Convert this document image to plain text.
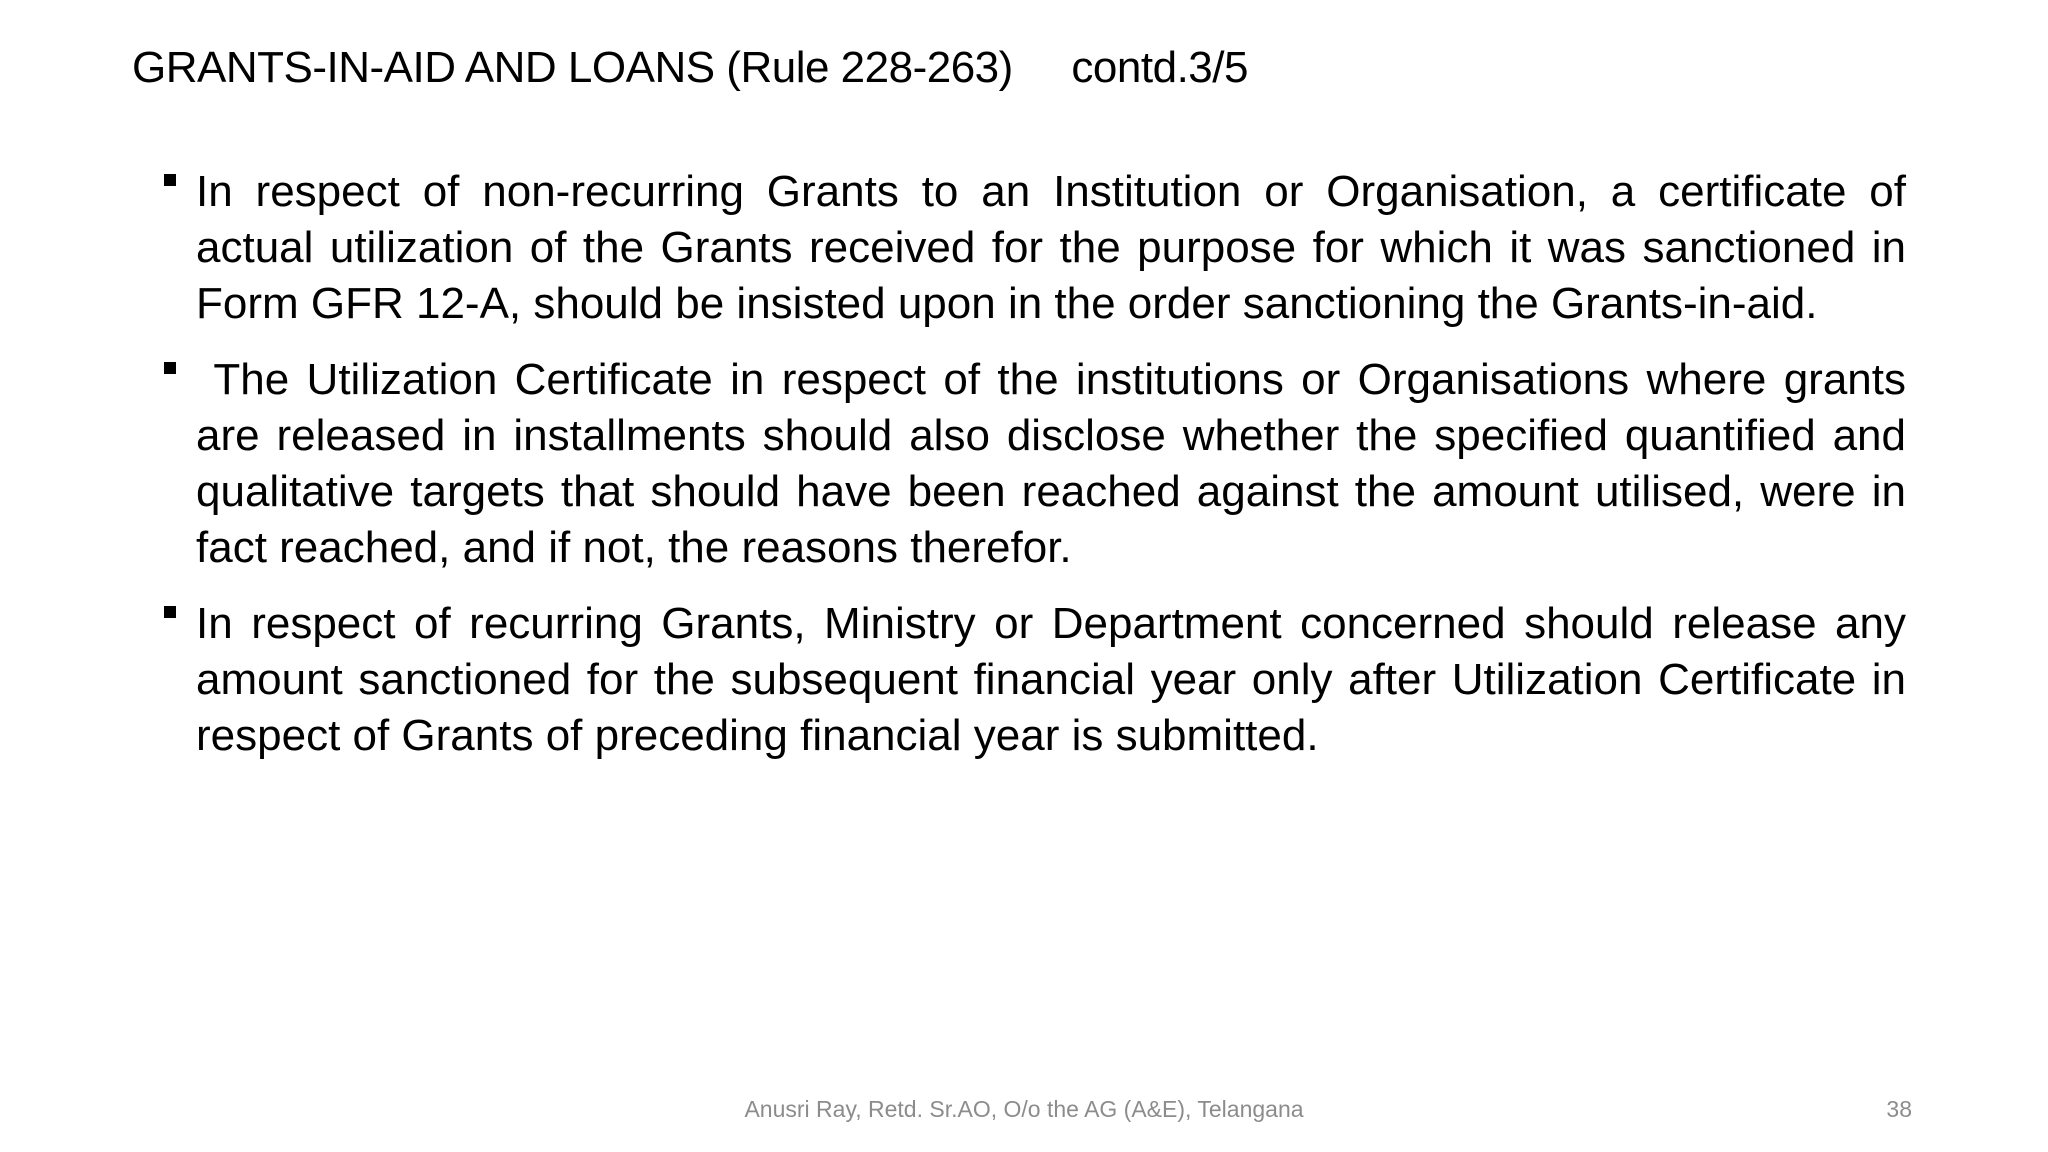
GRANTS-IN-AID AND LOANS (Rule 228-263)     contd.3/5
In respect of non-recurring Grants to an Institution or Organisation, a certificate of actual utilization of the Grants received for the purpose for which it was sanctioned in Form GFR 12-A, should be insisted upon in the order sanctioning the Grants-in-aid.
The Utilization Certificate in respect of the institutions or Organisations where grants are released in installments should also disclose whether the specified quantified and qualitative targets that should have been reached against the amount utilised, were in fact reached, and if not, the reasons therefor.
In respect of recurring Grants, Ministry or Department concerned should release any amount sanctioned for the subsequent financial year only after Utilization Certificate in respect of Grants of preceding financial year is submitted.
Anusri Ray, Retd. Sr.AO, O/o the AG (A&E), Telangana	38
